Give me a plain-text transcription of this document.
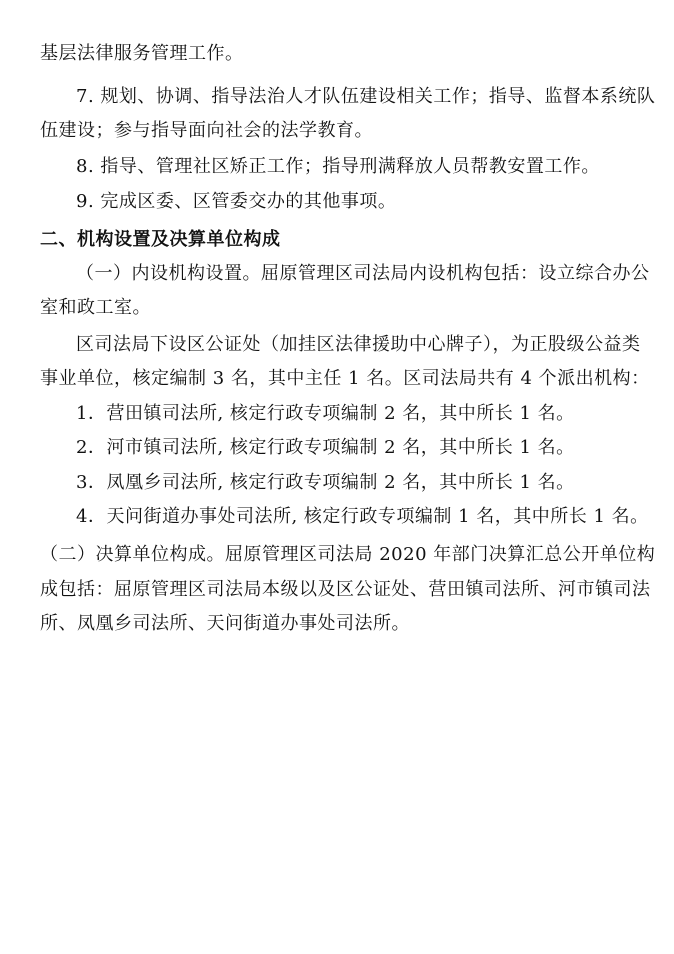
基层法律服务管理工作。
7. 规划、协调、指导法治人才队伍建设相关工作；指导、监督本系统队
伍建设；参与指导面向社会的法学教育。
8. 指导、管理社区矫正工作；指导刑满释放人员帮教安置工作。
9. 完成区委、区管委交办的其他事项。
二、机构设置及决算单位构成
（一）内设机构设置。屈原管理区司法局内设机构包括：设立综合办公
室和政工室。
区司法局下设区公证处（加挂区法律援助中心牌子），为正股级公益类
事业单位，核定编制 3 名，其中主任 1 名。区司法局共有 4 个派出机构：
1．营田镇司法所, 核定行政专项编制 2 名，其中所长 1 名。
2．河市镇司法所, 核定行政专项编制 2 名，其中所长 1 名。
3．凤凰乡司法所, 核定行政专项编制 2 名，其中所长 1 名。
4．天问街道办事处司法所, 核定行政专项编制 1 名，其中所长 1 名。
（二）决算单位构成。屈原管理区司法局 2020 年部门决算汇总公开单位构
成包括：屈原管理区司法局本级以及区公证处、营田镇司法所、河市镇司法
所、凤凰乡司法所、天问街道办事处司法所。
